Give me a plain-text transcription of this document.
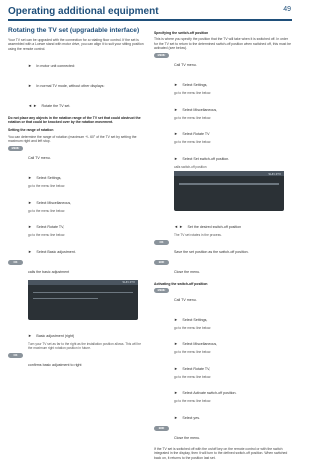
Operating additional equipment	49
Rotating the TV set (upgradable interface)
Your TV set can be upgraded with the connection for a rotating floor control. If the set is assembled with a Loewe stand with motor drive, you can align it to suit your sitting position using the remote control.
► In motor unit connected:
► In normal TV mode, without other displays:
◄ ► Rotate the TV set.
Do not place any objects in the rotation range of the TV set that could obstruct the rotation or that could be knocked over by the rotation movement.
Setting the range of rotation
You can determine the range of rotation (maximum +/- 60° of the TV set by setting the maximum right and left stop.
MENU
Call TV menu.
► Select Settings,
go to the menu line below.
► Select Miscellaneous,
go to the menu line below.
► Select Rotate TV,
go to the menu line below.
► Select Basic adjustment.
OK
calls the basic adjustment
SUN 4TV
► Basic adjustment (right)
Turn your TV set as far to the right as the installation position allows. This will be the maximum right rotation position in future.
OK
confirms basic adjustment to right
Specifying the switch-off position
This is where you specify the position that the TV will take when it is switched off. In order for the TV set to return to the determined switch-off position when switched off, this must be activated (see below).
MENU
Call TV menu.
► Select Settings,
go to the menu line below.
► Select Miscellaneous,
go to the menu line below.
► Select Rotate TV
go to the menu line below.
► Select Set switch-off position.
calls switch-off position
SUN 4TV
◄ ► Set the desired switch-off position
The TV set rotates in the process.
OK
Save the set position as the switch-off position.
END
Close the menu.
Activating the switch-off position
MENU
Call TV menu.
► Select Settings,
go to the menu line below.
► Select Miscellaneous,
go to the menu line below.
► Select Rotate TV,
go to the menu line below.
► Select Activate switch-off position.
go to the menu line below.
► Select yes.
END
Close the menu.
If the TV set is switched off with the on/off key on the remote control or with the switch integrated in the display, then it will turn to the defined switch-off position. When switched back on, it returns to the position last set.
